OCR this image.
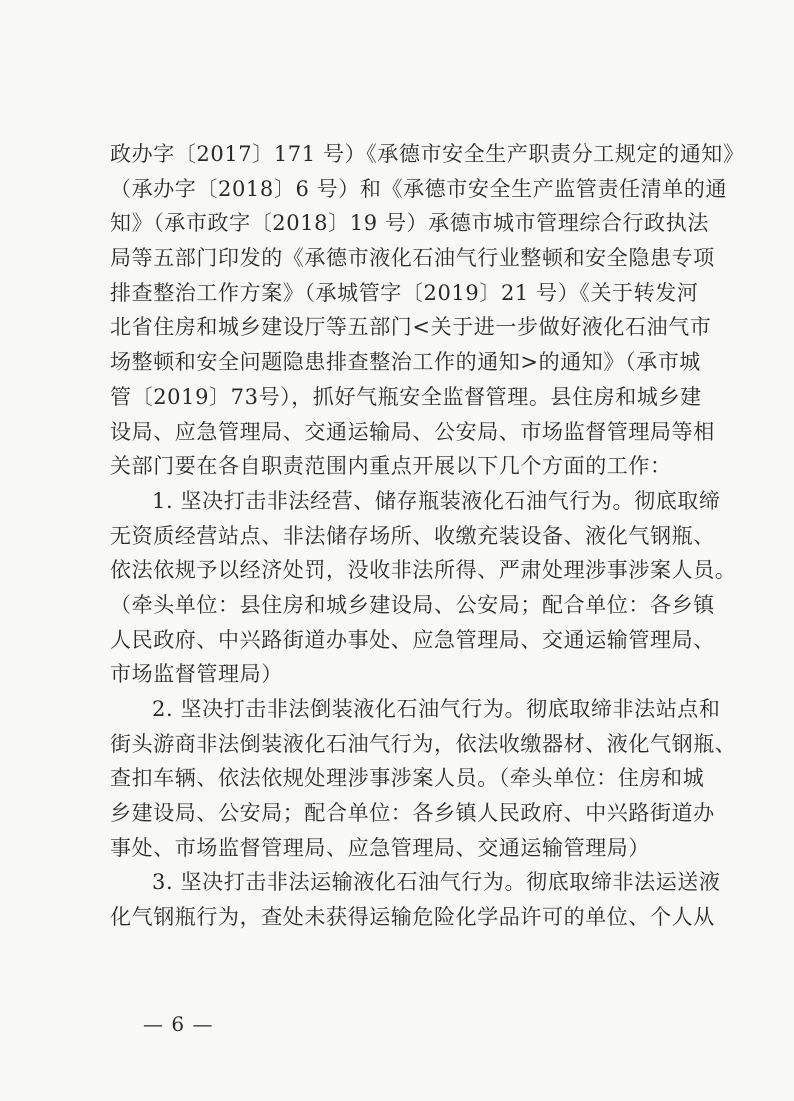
政办字〔2017〕171 号）《承德市安全生产职责分工规定的通知》
（承办字〔2018〕6 号）和《承德市安全生产监管责任清单的通
知》（承市政字〔2018〕19 号）承德市城市管理综合行政执法
局等五部门印发的《承德市液化石油气行业整顿和安全隐患专项
排查整治工作方案》（承城管字〔2019〕21 号）《关于转发河
北省住房和城乡建设厅等五部门<关于进一步做好液化石油气市
场整顿和安全问题隐患排查整治工作的通知>的通知》（承市城
管〔2019〕73号），抓好气瓶安全监督管理。县住房和城乡建
设局、应急管理局、交通运输局、公安局、市场监督管理局等相
关部门要在各自职责范围内重点开展以下几个方面的工作：
1. 坚决打击非法经营、储存瓶装液化石油气行为。彻底取缔
无资质经营站点、非法储存场所、收缴充装设备、液化气钢瓶、
依法依规予以经济处罚，没收非法所得、严肃处理涉事涉案人员。
（牵头单位：县住房和城乡建设局、公安局；配合单位：各乡镇
人民政府、中兴路街道办事处、应急管理局、交通运输管理局、
市场监督管理局）
2. 坚决打击非法倒装液化石油气行为。彻底取缔非法站点和
街头游商非法倒装液化石油气行为，依法收缴器材、液化气钢瓶、
查扣车辆、依法依规处理涉事涉案人员。（牵头单位：住房和城
乡建设局、公安局；配合单位：各乡镇人民政府、中兴路街道办
事处、市场监督管理局、应急管理局、交通运输管理局）
3. 坚决打击非法运输液化石油气行为。彻底取缔非法运送液
化气钢瓶行为，查处未获得运输危险化学品许可的单位、个人从
— 6 —
